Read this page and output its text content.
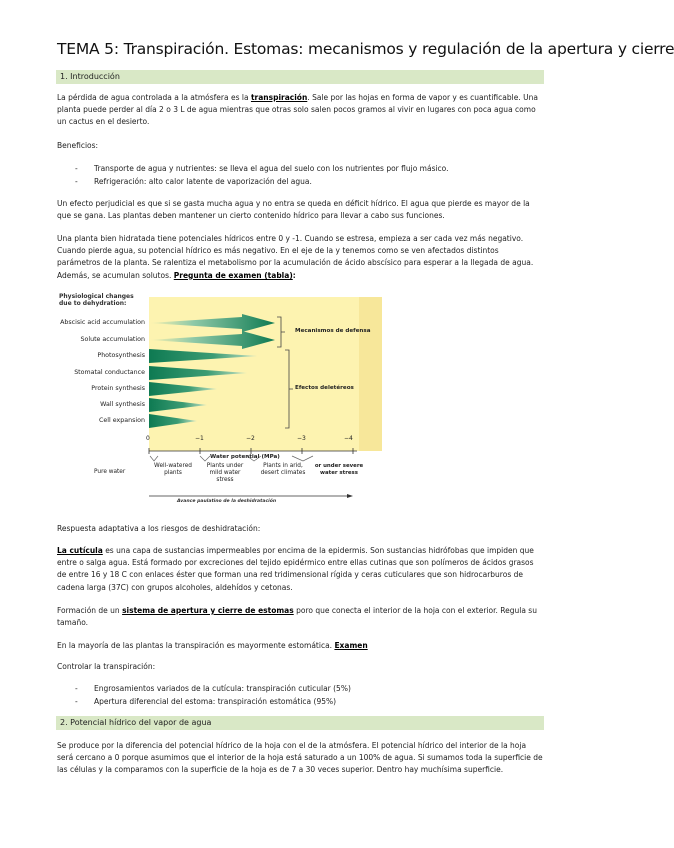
TEMA 5: Transpiración. Estomas: mecanismos y regulación de la apertura y cierre
1. Introducción
La pérdida de agua controlada a la atmósfera es la transpiración. Sale por las hojas en forma de vapor y es cuantificable. Una planta puede perder al día 2 o 3 L de agua mientras que otras solo salen pocos gramos al vivir en lugares con poca agua como un cactus en el desierto.
Beneficios:
- Transporte de agua y nutrientes: se lleva el agua del suelo con los nutrientes por flujo másico.
- Refrigeración: alto calor latente de vaporización del agua.
Un efecto perjudicial es que si se gasta mucha agua y no entra se queda en déficit hídrico. El agua que pierde es mayor de la que se gana. Las plantas deben mantener un cierto contenido hídrico para llevar a cabo sus funciones.
Una planta bien hidratada tiene potenciales hídricos entre 0 y -1. Cuando se estresa, empieza a ser cada vez más negativo. Cuando pierde agua, su potencial hídrico es más negativo. En el eje de la y tenemos como se ven afectados distintos parámetros de la planta. Se ralentiza el metabolismo por la acumulación de ácido abscísico para esperar a la llegada de agua. Además, se acumulan solutos. Pregunta de examen (tabla):
Physiological changes
due to dehydration:
Abscisic acid accumulation
Solute accumulation
Photosynthesis
Stomatal conductance
Protein synthesis
Wall synthesis
Cell expansion
Mecanismos de defensa
Efectos deletéreos
0	−1	−2	−3	−4
Water potential (MPa)
Pure water
Well-watered
plants
Plants under
mild water
stress
Plants in arid,
desert climates
or under severe
water stress
Avance paulatino de la deshidratación
Respuesta adaptativa a los riesgos de deshidratación:
La cutícula es una capa de sustancias impermeables por encima de la epidermis. Son sustancias hidrófobas que impiden que entre o salga agua. Está formado por excreciones del tejido epidérmico entre ellas cutinas que son polímeros de ácidos grasos de entre 16 y 18 C con enlaces éster que forman una red tridimensional rígida y ceras cuticulares que son hidrocarburos de cadena larga (37C) con grupos alcoholes, aldehídos y cetonas.
Formación de un sistema de apertura y cierre de estomas poro que conecta el interior de la hoja con el exterior. Regula su tamaño.
En la mayoría de las plantas la transpiración es mayormente estomática. Examen
Controlar la transpiración:
- Engrosamientos variados de la cutícula: transpiración cuticular (5%)
- Apertura diferencial del estoma: transpiración estomática (95%)
2. Potencial hídrico del vapor de agua
Se produce por la diferencia del potencial hídrico de la hoja con el de la atmósfera. El potencial hídrico del interior de la hoja será cercano a 0 porque asumimos que el interior de la hoja está saturado a un 100% de agua. Si sumamos toda la superficie de las células y la comparamos con la superficie de la hoja es de 7 a 30 veces superior. Dentro hay muchísima superficie.
